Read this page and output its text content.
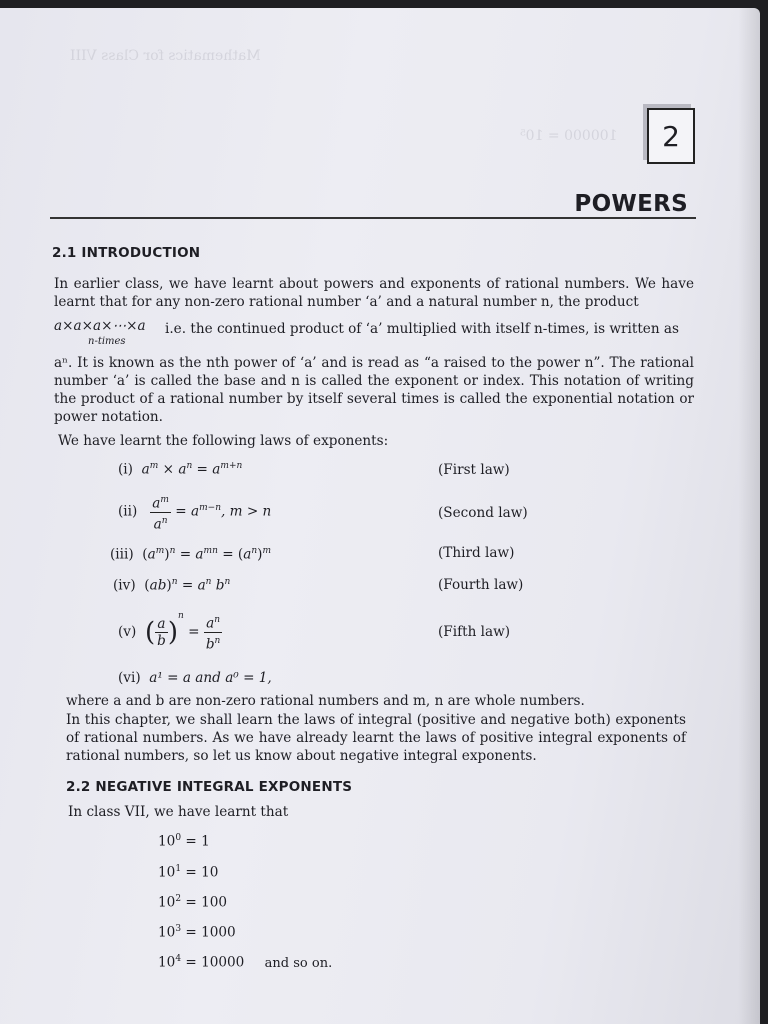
Mathematics for Class VIII
100000 = 10⁵	2
POWERS
2.1 INTRODUCTION
In earlier class, we have learnt about powers and exponents of rational numbers. We have learnt that for any non-zero rational number ‘a’ and a natural number n, the product
a×a×a×⋯×a
n-times
i.e. the continued product of ‘a’ multiplied with itself n-times, is written as
aⁿ. It is known as the nth power of ‘a’ and is read as “a raised to the power n”. The rational number ‘a’ is called the base and n is called the exponent or index. This notation of writing the product of a rational number by itself several times is called the exponential notation or power notation.
We have learnt the following laws of exponents:
(i) $a^m \times a^n = a^{m+n}$	(First law)
$(ii) \frac{a^m}{a^n} = a^{m-n}$, m > n	(Second law)
(iii)  $(a^m)^n = a^{mn} = (a^n)^m$	(Third law)
(iv)  $(ab)^n = a^n$ $b^n$	(Fourth law)
(v) ( $\frac{a}{b} )^n = \frac{a^n}{b^n}$	(Fifth law)
(vi) a¹ = a and a⁰ = 1,
where a and b are non-zero rational numbers and m, n are whole numbers.
In this chapter, we shall learn the laws of integral (positive and negative both) exponents of rational numbers. As we have already learnt the laws of positive integral exponents of rational numbers, so let us know about negative integral exponents.
2.2 NEGATIVE INTEGRAL EXPONENTS
In class VII, we have learnt that
$10^0 = 1$
$10^1 = 10$
$10^2 = 100$
$10^3 = 1000$
$10^4 = 10000$ and so on.
